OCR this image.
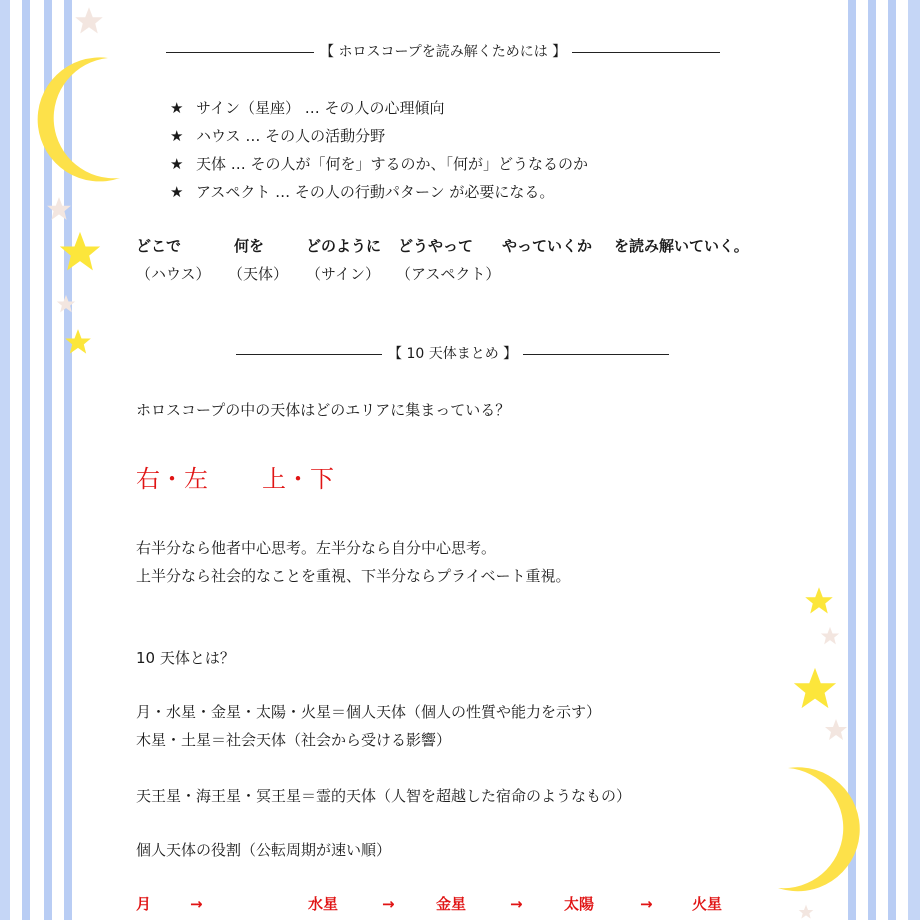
【 ホロスコープを読み解くためには 】
★ サイン（星座） … その人の心理傾向
★ ハウス … その人の活動分野
★ 天体 … その人が「何を」するのか、「何が」どうなるのか
★ アスペクト … その人の行動パターン が必要になる。
どこで	何を	どのように どうやって やっていくか を読み解いていく。
（ハウス） （天体） （サイン） （アスペクト）
【 10 天体まとめ 】
ホロスコープの中の天体はどのエリアに集まっている？
右・左 上・下
右半分なら他者中心思考。左半分なら自分中心思考。
上半分なら社会的なことを重視、下半分ならプライベート重視。
10 天体とは？
月・水星・金星・太陽・火星＝個人天体（個人の性質や能力を示す）
木星・土星＝社会天体（社会から受ける影響）
天王星・海王星・冥王星＝霊的天体（人智を超越した宿命のようなもの）
個人天体の役割（公転周期が速い順）
月	→	水星	→	金星	→	太陽	→	火星
